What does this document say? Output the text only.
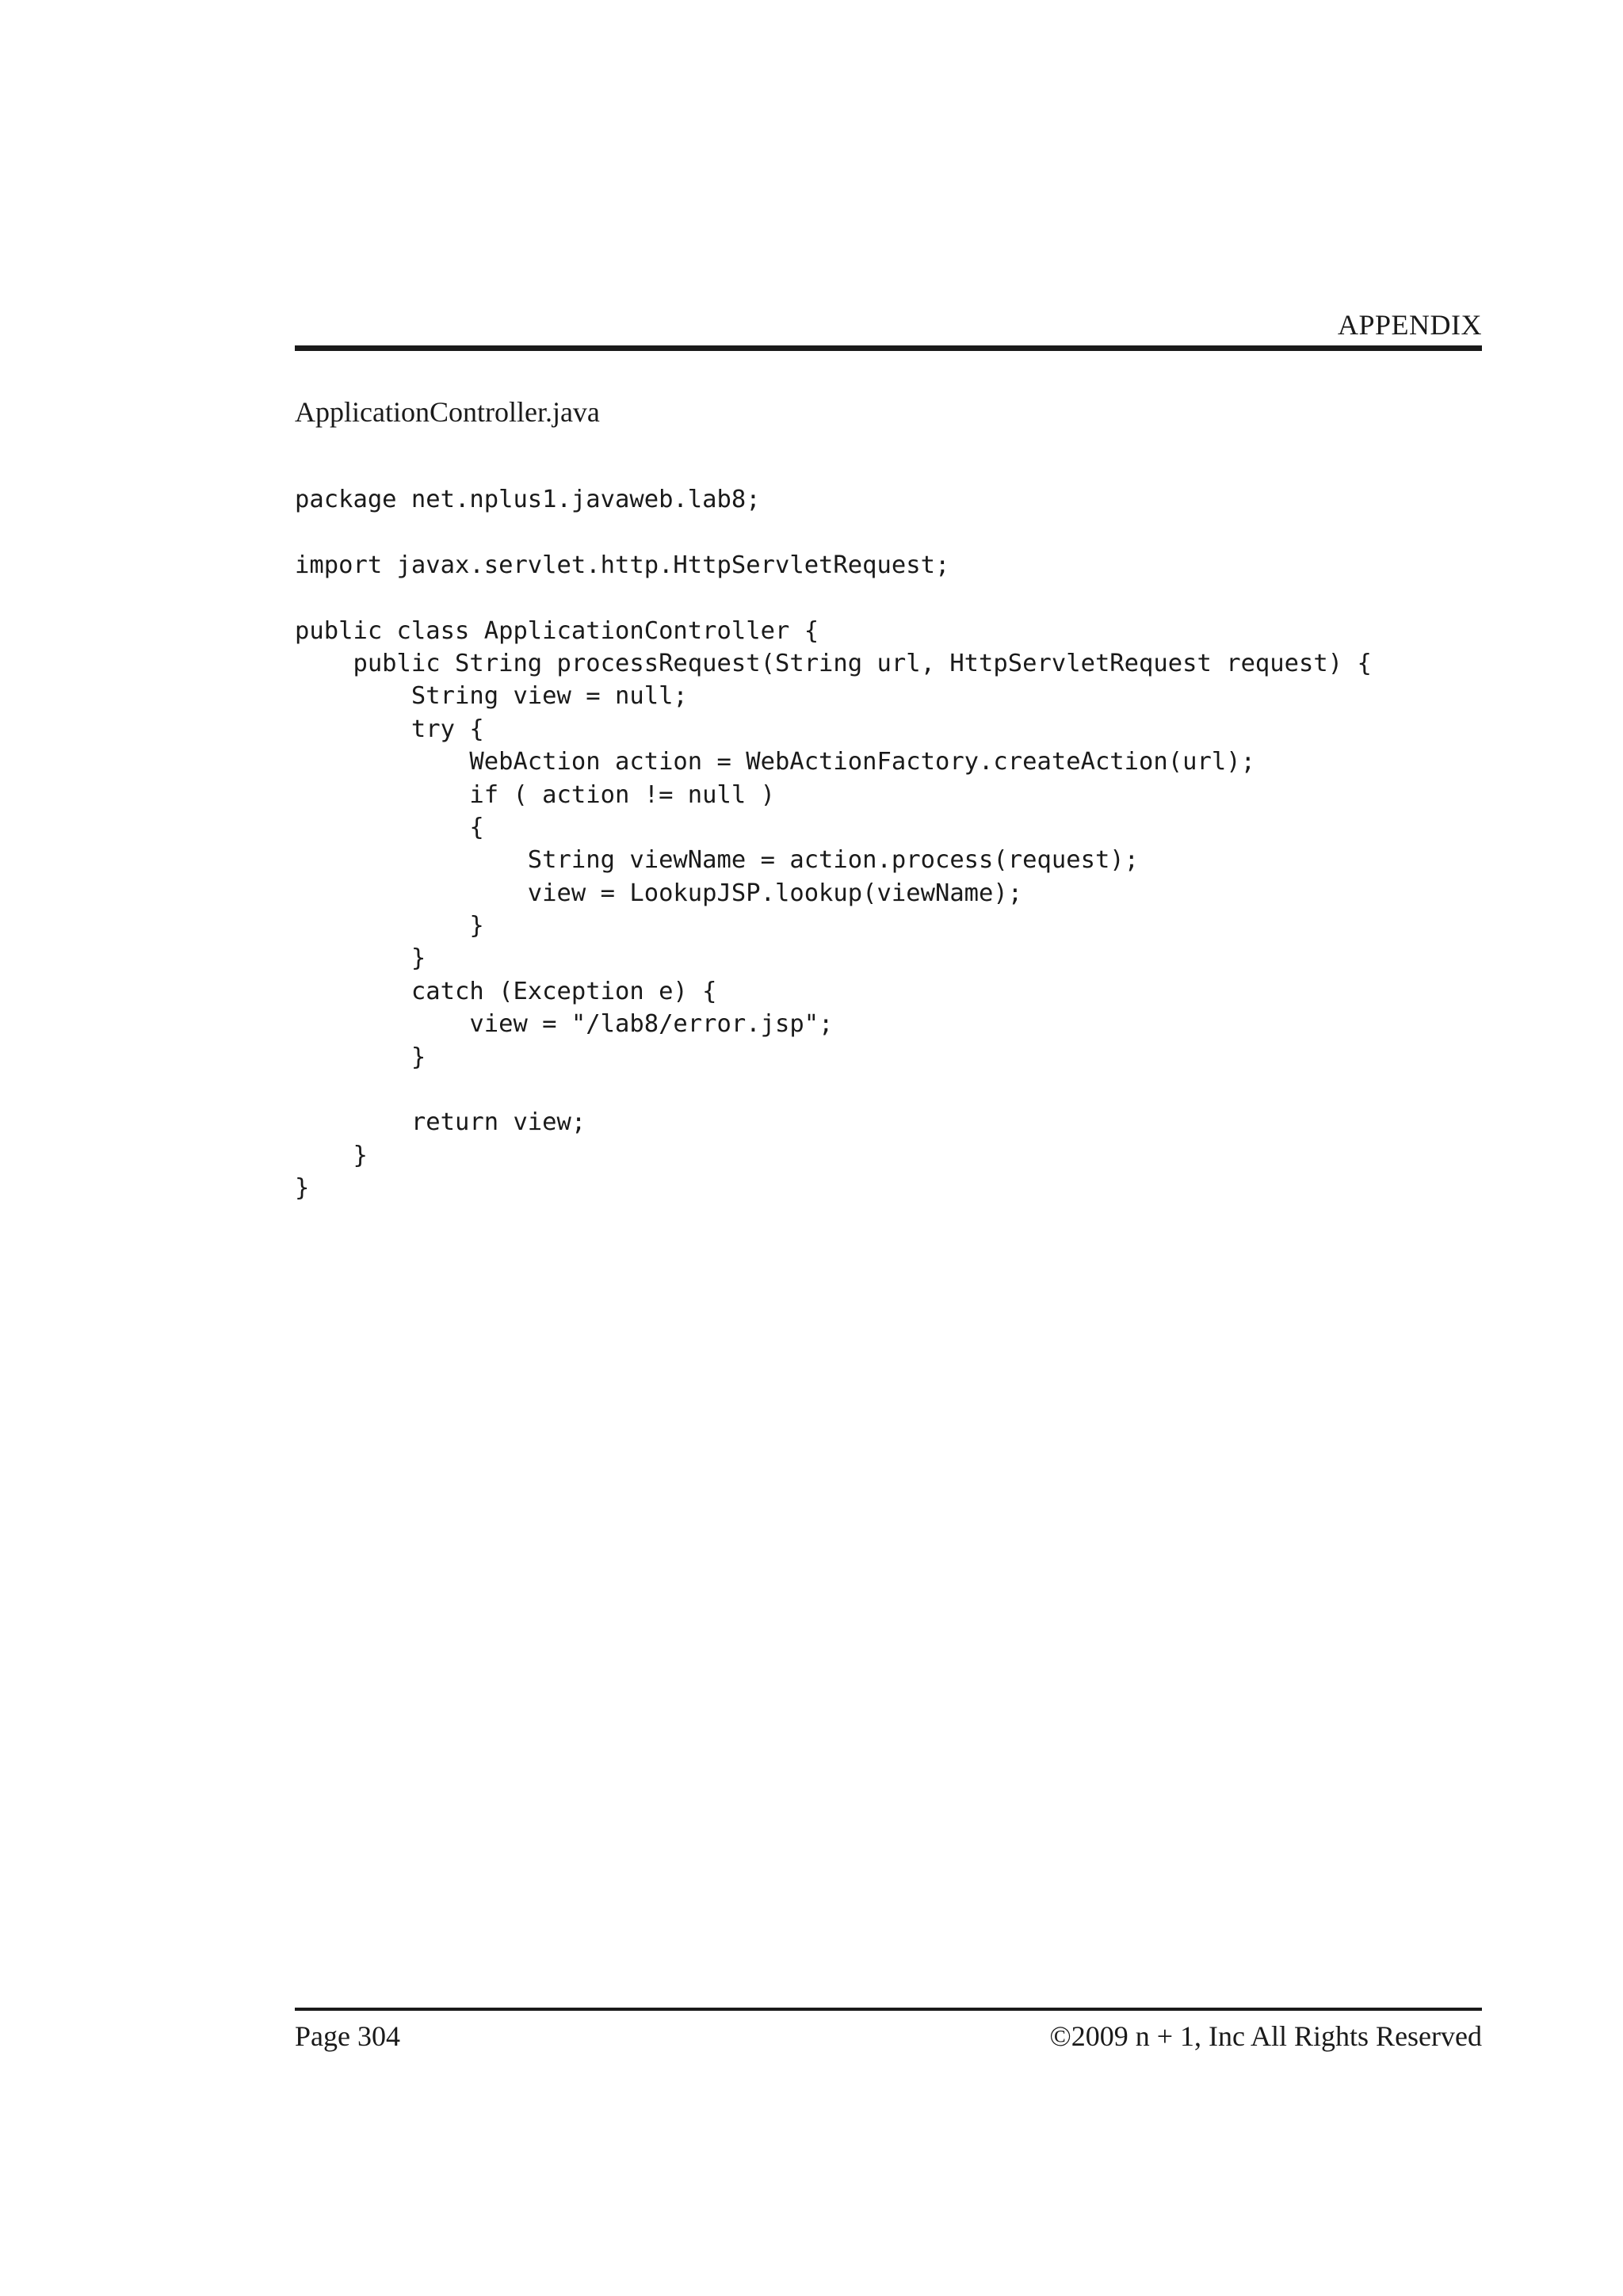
APPENDIX
ApplicationController.java
package net.nplus1.javaweb.lab8;
import javax.servlet.http.HttpServletRequest;
public class ApplicationController {
public String processRequest(String url, HttpServletRequest request) {
String view = null;
try {
WebAction action = WebActionFactory.createAction(url);
if ( action != null )
{
String viewName = action.process(request);
view = LookupJSP.lookup(viewName);
}
}
catch (Exception e) {
view = "/lab8/error.jsp";
}
return view;
}
}
Page 304	©2009 n + 1, Inc All Rights Reserved
